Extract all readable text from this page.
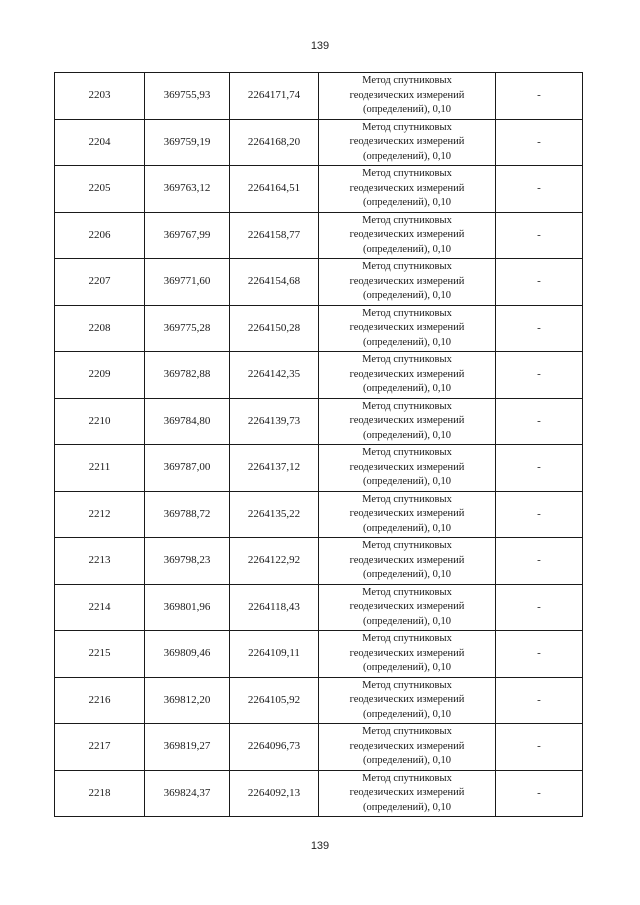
139
2203	369755,93	2264171,74	Метод спутниковых
геодезических измерений
(определений), 0,10	-
2204	369759,19	2264168,20	Метод спутниковых
геодезических измерений
(определений), 0,10	-
2205	369763,12	2264164,51	Метод спутниковых
геодезических измерений
(определений), 0,10	-
2206	369767,99	2264158,77	Метод спутниковых
геодезических измерений
(определений), 0,10	-
2207	369771,60	2264154,68	Метод спутниковых
геодезических измерений
(определений), 0,10	-
2208	369775,28	2264150,28	Метод спутниковых
геодезических измерений
(определений), 0,10	-
2209	369782,88	2264142,35	Метод спутниковых
геодезических измерений
(определений), 0,10	-
2210	369784,80	2264139,73	Метод спутниковых
геодезических измерений
(определений), 0,10	-
2211	369787,00	2264137,12	Метод спутниковых
геодезических измерений
(определений), 0,10	-
2212	369788,72	2264135,22	Метод спутниковых
геодезических измерений
(определений), 0,10	-
2213	369798,23	2264122,92	Метод спутниковых
геодезических измерений
(определений), 0,10	-
2214	369801,96	2264118,43	Метод спутниковых
геодезических измерений
(определений), 0,10	-
2215	369809,46	2264109,11	Метод спутниковых
геодезических измерений
(определений), 0,10	-
2216	369812,20	2264105,92	Метод спутниковых
геодезических измерений
(определений), 0,10	-
2217	369819,27	2264096,73	Метод спутниковых
геодезических измерений
(определений), 0,10	-
2218	369824,37	2264092,13	Метод спутниковых
геодезических измерений
(определений), 0,10	-
139
